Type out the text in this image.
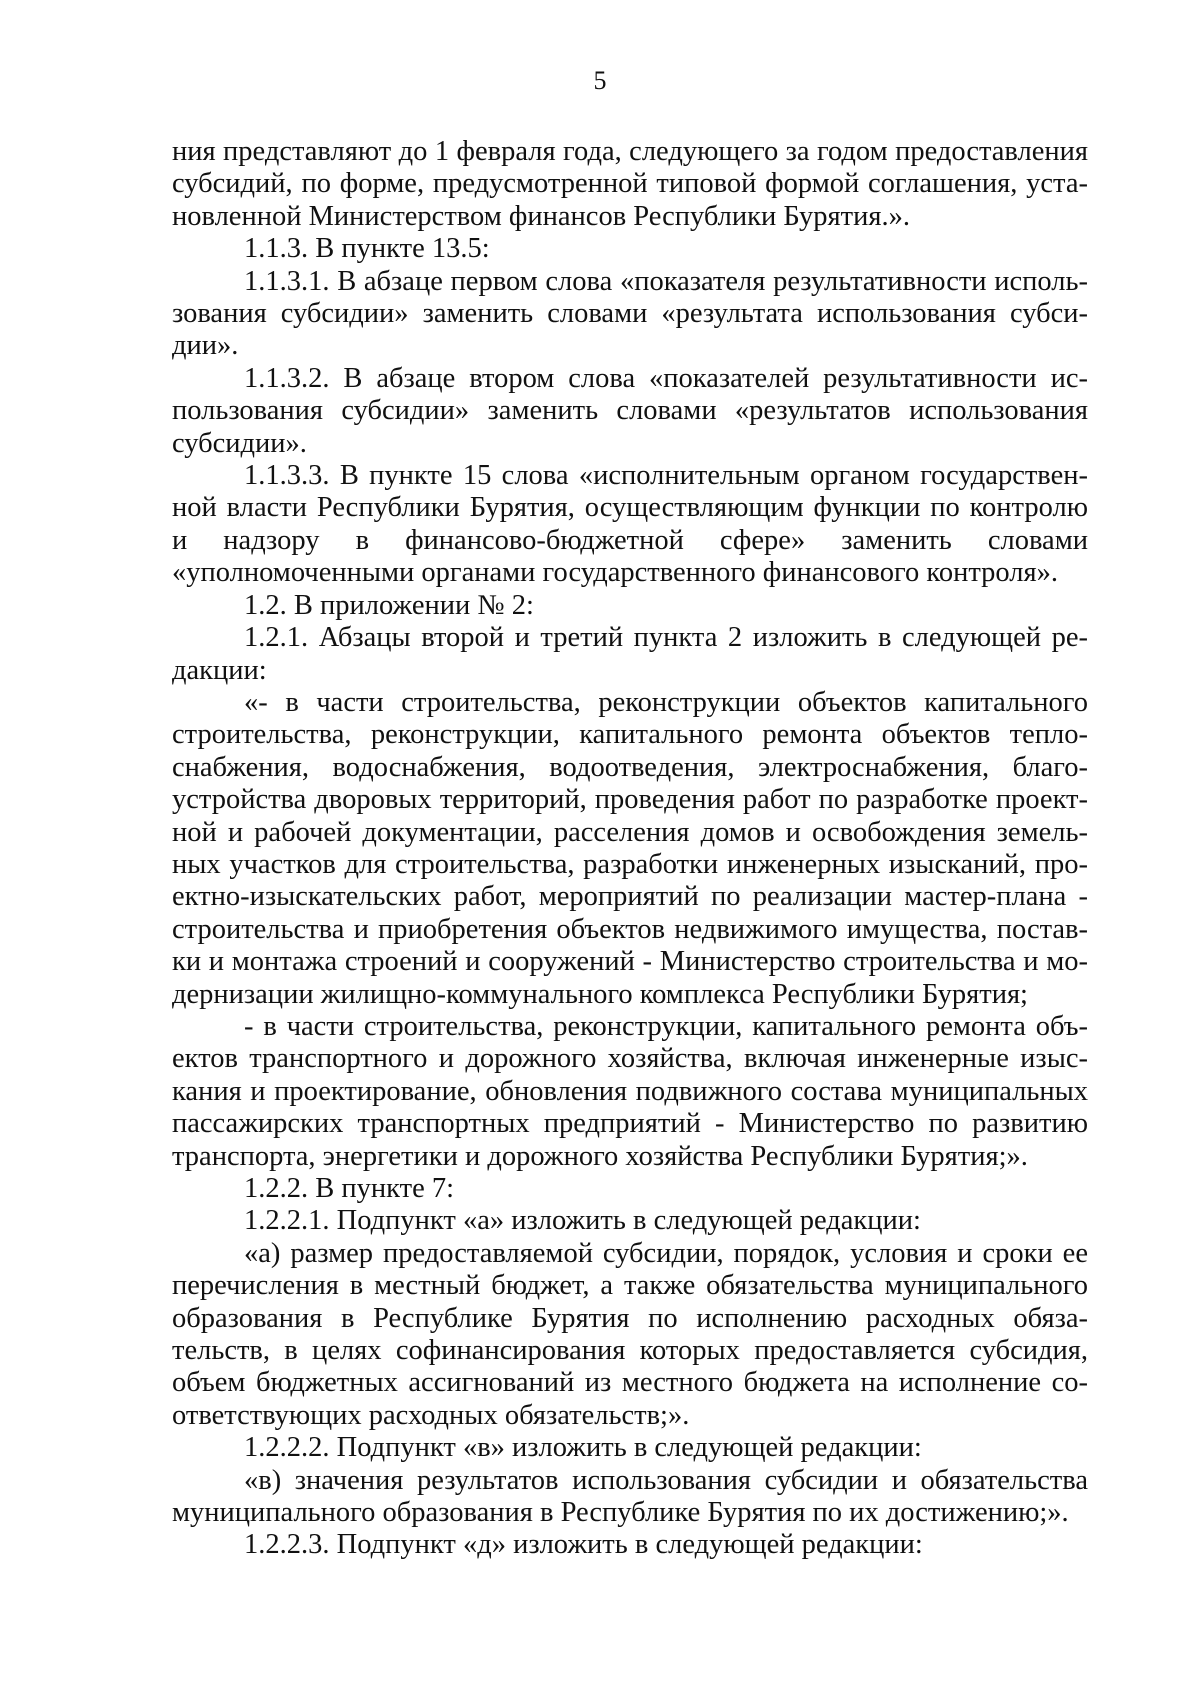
5

ния представляют до 1 февраля года, следующего за годом предоставления субсидий, по форме, предусмотренной типовой формой соглашения, установленной Министерством финансов Республики Бурятия.».

1.1.3. В пункте 13.5:

1.1.3.1. В абзаце первом слова «показателя результативности использования субсидии» заменить словами «результата использования субсидии».

1.1.3.2. В абзаце втором слова «показателей результативности использования субсидии» заменить словами «результатов использования субсидии».

1.1.3.3. В пункте 15 слова «исполнительным органом государственной власти Республики Бурятия, осуществляющим функции по контролю и надзору в финансово-бюджетной сфере» заменить словами «уполномоченными органами государственного финансового контроля».

1.2. В приложении № 2:

1.2.1. Абзацы второй и третий пункта 2 изложить в следующей редакции:

«- в части строительства, реконструкции объектов капитального строительства, реконструкции, капитального ремонта объектов теплоснабжения, водоснабжения, водоотведения, электроснабжения, благоустройства дворовых территорий, проведения работ по разработке проектной и рабочей документации, расселения домов и освобождения земельных участков для строительства, разработки инженерных изысканий, проектно-изыскательских работ, мероприятий по реализации мастер-плана - строительства и приобретения объектов недвижимого имущества, поставки и монтажа строений и сооружений - Министерство строительства и модернизации жилищно-коммунального комплекса Республики Бурятия;

- в части строительства, реконструкции, капитального ремонта объектов транспортного и дорожного хозяйства, включая инженерные изыскания и проектирование, обновления подвижного состава муниципальных пассажирских транспортных предприятий - Министерство по развитию транспорта, энергетики и дорожного хозяйства Республики Бурятия;».

1.2.2. В пункте 7:

1.2.2.1. Подпункт «а» изложить в следующей редакции:

«а) размер предоставляемой субсидии, порядок, условия и сроки ее перечисления в местный бюджет, а также обязательства муниципального образования в Республике Бурятия по исполнению расходных обязательств, в целях софинансирования которых предоставляется субсидия, объем бюджетных ассигнований из местного бюджета на исполнение соответствующих расходных обязательств;».

1.2.2.2. Подпункт «в» изложить в следующей редакции:

«в) значения результатов использования субсидии и обязательства муниципального образования в Республике Бурятия по их достижению;».

1.2.2.3. Подпункт «д» изложить в следующей редакции:
